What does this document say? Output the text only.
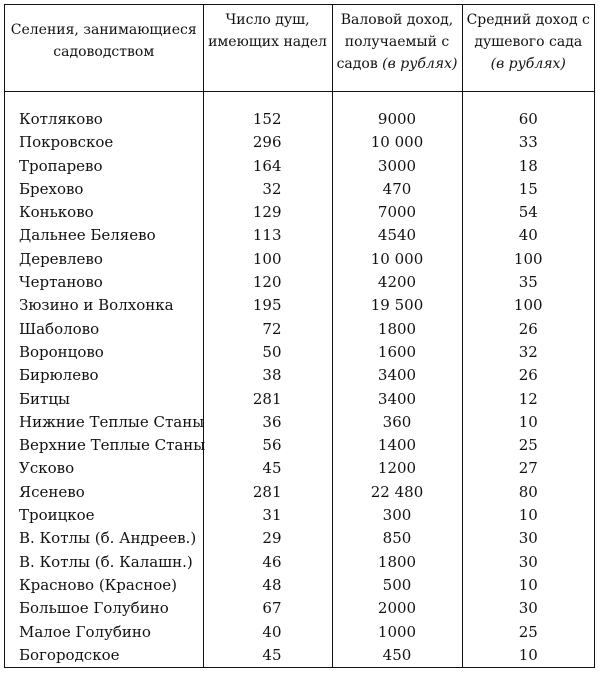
Селения, занимающиеся садоводством	Число душ, имеющих надел	Валовой доход, получаемый с садов (в рублях)	Средний доход с душевого сада (в рублях)

Котляково	152	9000	60
Покровское	296	10 000	33
Тропарево	164	3000	18
Брехово	32	470	15
Коньково	129	7000	54
Дальнее Беляево	113	4540	40
Деревлево	100	10 000	100
Чертаново	120	4200	35
Зюзино и Волхонка	195	19 500	100
Шаболово	72	1800	26
Воронцово	50	1600	32
Бирюлево	38	3400	26
Битцы	281	3400	12
Нижние Теплые Станы	36	360	10
Верхние Теплые Станы	56	1400	25
Усково	45	1200	27
Ясенево	281	22 480	80
Троицкое	31	300	10
В. Котлы (б. Андреев.)	29	850	30
В. Котлы (б. Калашн.)	46	1800	30
Красново (Красное)	48	500	10
Большое Голубино	67	2000	30
Малое Голубино	40	1000	25
Богородское	45	450	10
